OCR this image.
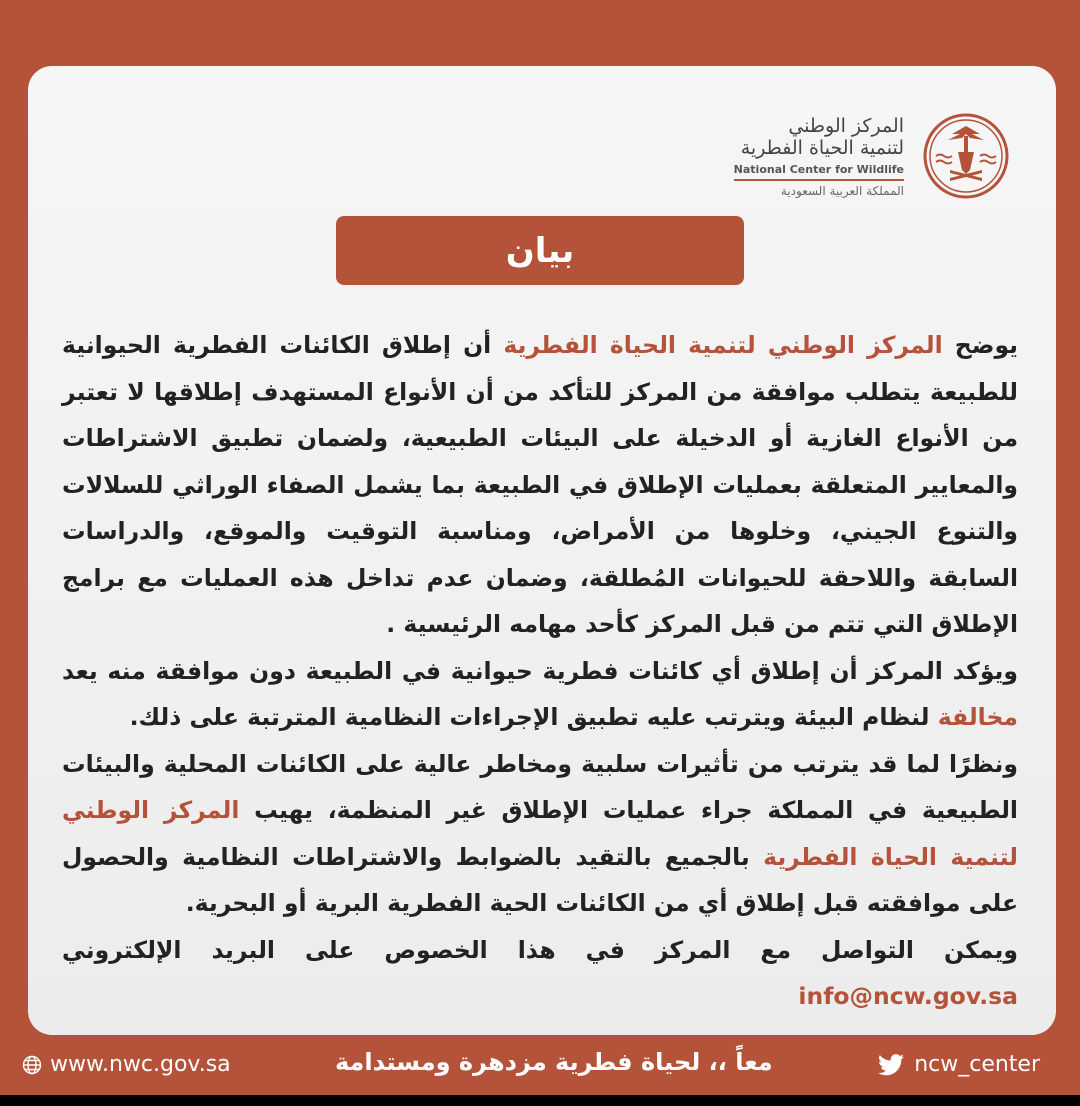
المركز الوطني
لتنمية الحياة الفطرية
National Center for Wildlife
المملكة العربية السعودية
بيان

يوضح المركز الوطني لتنمية الحياة الفطرية أن إطلاق الكائنات الفطرية الحيوانية للطبيعة يتطلب موافقة من المركز للتأكد من أن الأنواع المستهدف إطلاقها لا تعتبر من الأنواع الغازية أو الدخيلة على البيئات الطبيعية، ولضمان تطبيق الاشتراطات والمعايير المتعلقة بعمليات الإطلاق في الطبيعة بما يشمل الصفاء الوراثي للسلالات والتنوع الجيني، وخلوها من الأمراض، ومناسبة التوقيت والموقع، والدراسات السابقة واللاحقة للحيوانات المُطلقة، وضمان عدم تداخل هذه العمليات مع برامج الإطلاق التي تتم من قبل المركز كأحد مهامه الرئيسية .

ويؤكد المركز أن إطلاق أي كائنات فطرية حيوانية في الطبيعة دون موافقة منه يعد مخالفة لنظام البيئة ويترتب عليه تطبيق الإجراءات النظامية المترتبة على ذلك.

ونظرًا لما قد يترتب من تأثيرات سلبية ومخاطر عالية على الكائنات المحلية والبيئات الطبيعية في المملكة جراء عمليات الإطلاق غير المنظمة، يهيب المركز الوطني لتنمية الحياة الفطرية بالجميع بالتقيد بالضوابط والاشتراطات النظامية والحصول على موافقته قبل إطلاق أي من الكائنات الحية الفطرية البرية أو البحرية.

ويمكن التواصل مع المركز في هذا الخصوص على البريد الإلكتروني info@ncw.gov.sa

www.nwc.gov.sa	معاً ،، لحياة فطرية مزدهرة ومستدامة	ncw_center
